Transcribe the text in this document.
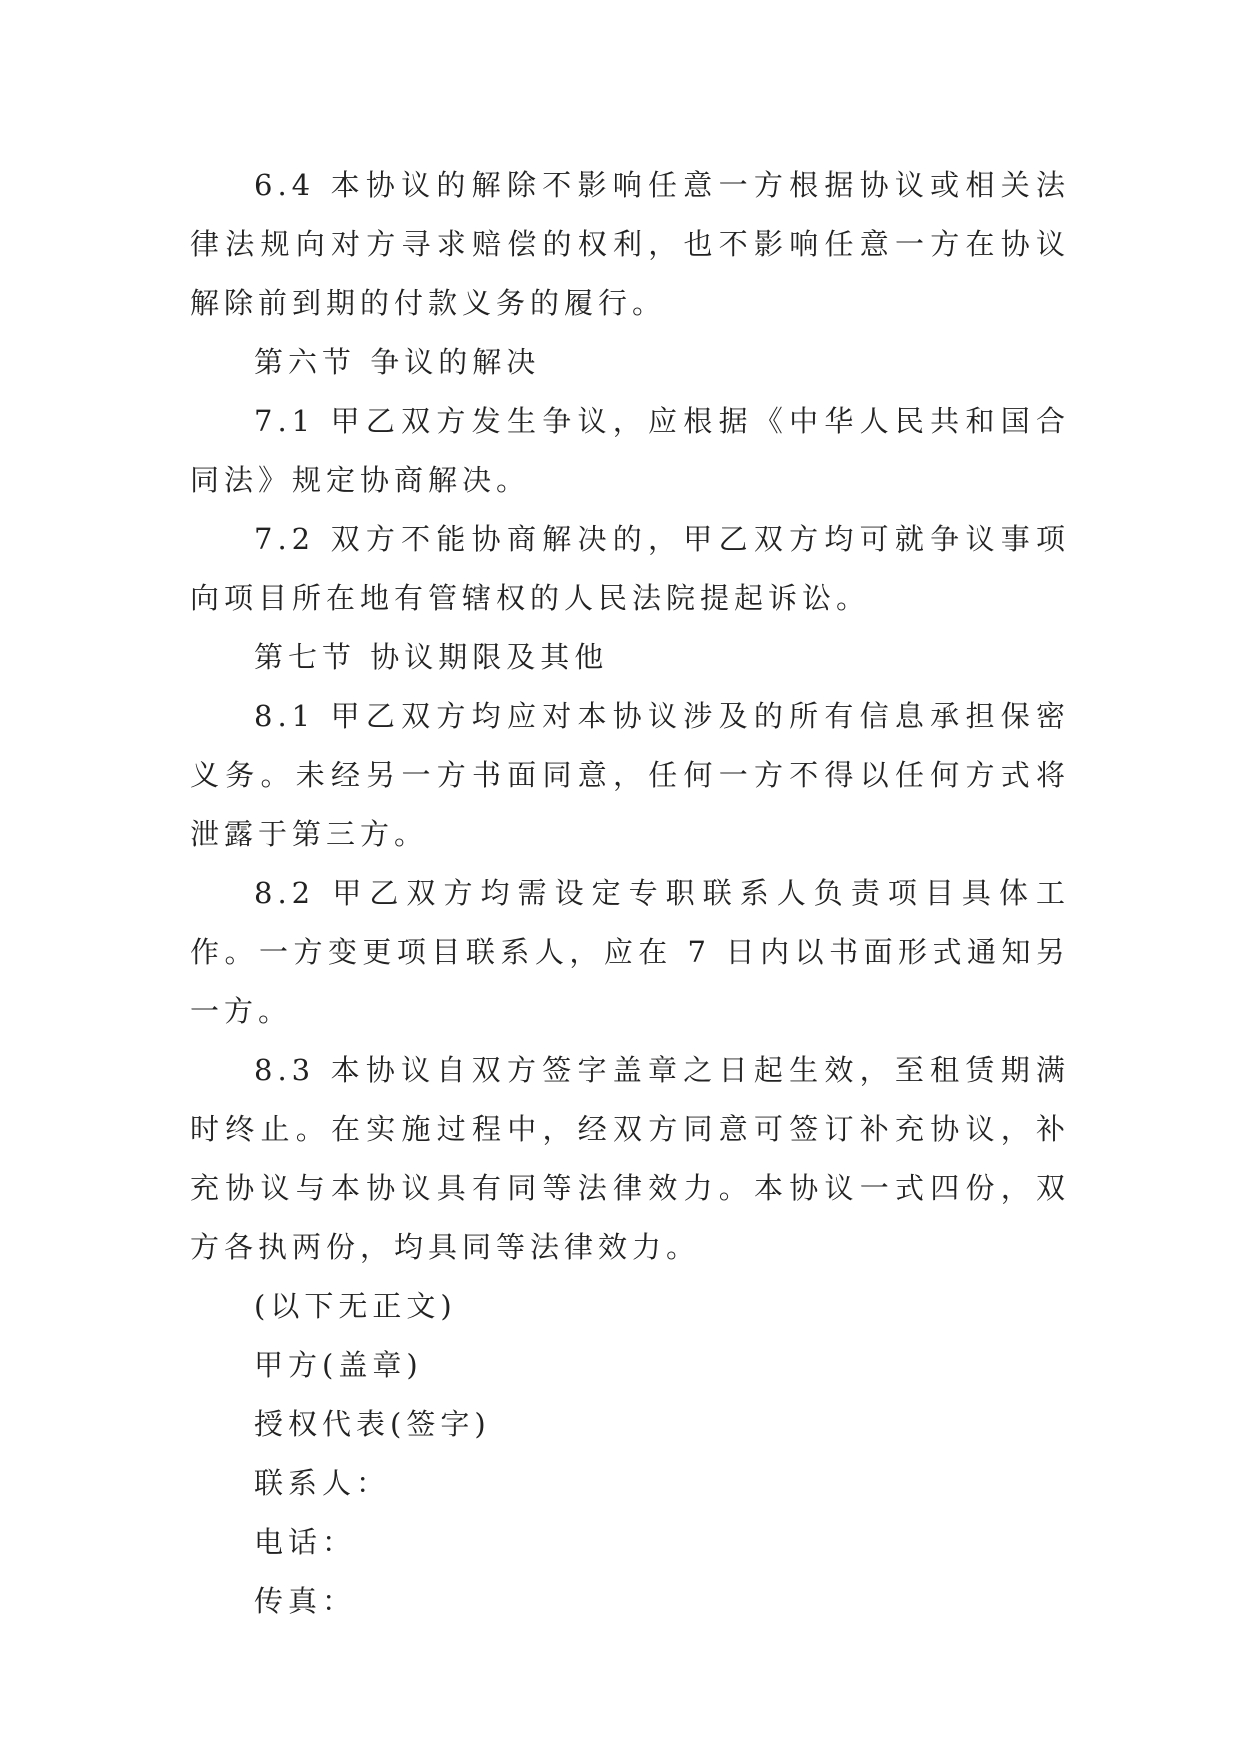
6.4 本协议的解除不影响任意一方根据协议或相关法律法规向对方寻求赔偿的权利，也不影响任意一方在协议解除前到期的付款义务的履行。

第六节 争议的解决

7.1 甲乙双方发生争议，应根据《中华人民共和国合同法》规定协商解决。

7.2 双方不能协商解决的，甲乙双方均可就争议事项向项目所在地有管辖权的人民法院提起诉讼。

第七节 协议期限及其他

8.1 甲乙双方均应对本协议涉及的所有信息承担保密义务。未经另一方书面同意，任何一方不得以任何方式将泄露于第三方。

8.2 甲乙双方均需设定专职联系人负责项目具体工作。一方变更项目联系人，应在 7 日内以书面形式通知另一方。

8.3 本协议自双方签字盖章之日起生效，至租赁期满时终止。在实施过程中，经双方同意可签订补充协议，补充协议与本协议具有同等法律效力。本协议一式四份，双方各执两份，均具同等法律效力。

(以下无正文)

甲方(盖章)

授权代表(签字)

联系人：

电话：

传真：
